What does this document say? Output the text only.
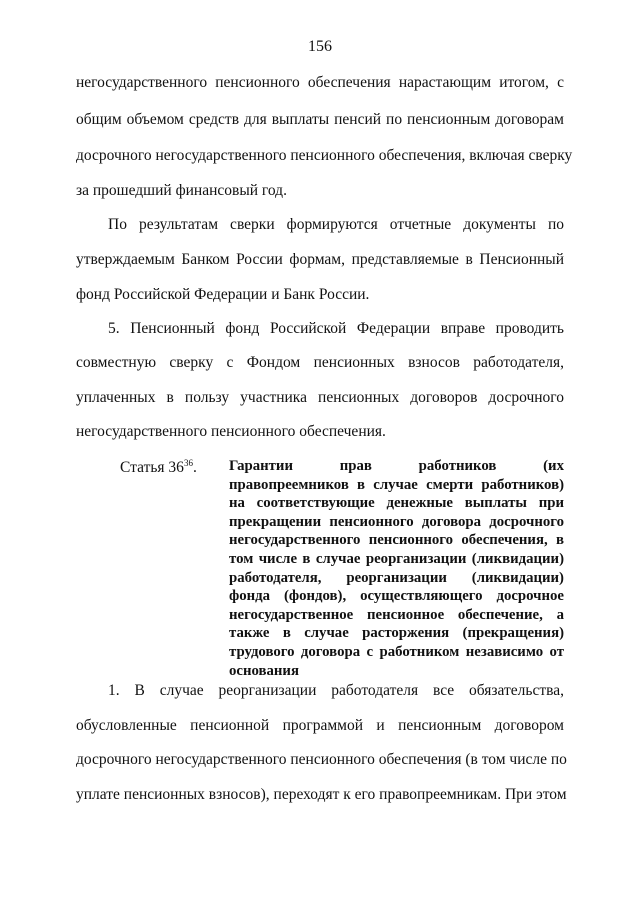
156
негосударственного пенсионного обеспечения нарастающим итогом, с
общим объемом средств для выплаты пенсий по пенсионным договорам
досрочного негосударственного пенсионного обеспечения, включая сверку
за прошедший финансовый год.
По результатам сверки формируются отчетные документы по
утверждаемым Банком России формам, представляемые в Пенсионный
фонд Российской Федерации и Банк России.
5. Пенсионный фонд Российской Федерации вправе проводить
совместную сверку с Фондом пенсионных взносов работодателя,
уплаченных в пользу участника пенсионных договоров досрочного
негосударственного пенсионного обеспечения.
Статья $36^{36}$. Гарантии прав работников (их
правопреемников в случае смерти работников)
на соответствующие денежные выплаты при
прекращении пенсионного договора досрочного
негосударственного пенсионного обеспечения, в
том числе в случае реорганизации (ликвидации)
работодателя, реорганизации (ликвидации)
фонда (фондов), осуществляющего досрочное
негосударственное пенсионное обеспечение, а
также в случае расторжения (прекращения)
трудового договора с работником независимо от
основания
1. В случае реорганизации работодателя все обязательства,
обусловленные пенсионной программой и пенсионным договором
досрочного негосударственного пенсионного обеспечения (в том числе по
уплате пенсионных взносов), переходят к его правопреемникам. При этом
